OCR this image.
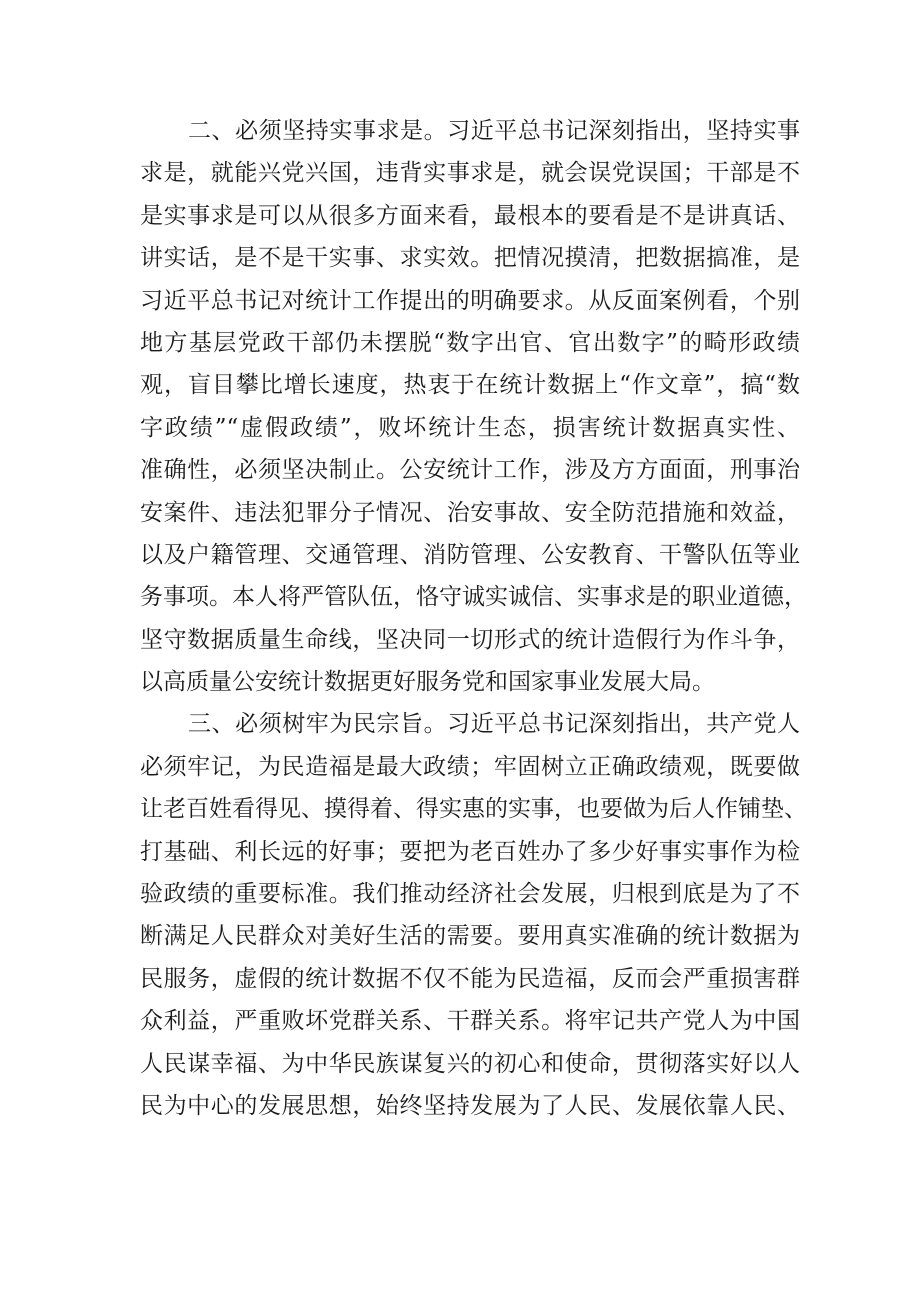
二、必须坚持实事求是。习近平总书记深刻指出，坚持实事
求是，就能兴党兴国，违背实事求是，就会误党误国；干部是不
是实事求是可以从很多方面来看，最根本的要看是不是讲真话、
讲实话，是不是干实事、求实效。把情况摸清，把数据搞准，是
习近平总书记对统计工作提出的明确要求。从反面案例看，个别
地方基层党政干部仍未摆脱“数字出官、官出数字”的畸形政绩
观，盲目攀比增长速度，热衷于在统计数据上“作文章”，搞“数
字政绩”“虚假政绩”，败坏统计生态，损害统计数据真实性、
准确性，必须坚决制止。公安统计工作，涉及方方面面，刑事治
安案件、违法犯罪分子情况、治安事故、安全防范措施和效益，
以及户籍管理、交通管理、消防管理、公安教育、干警队伍等业
务事项。本人将严管队伍，恪守诚实诚信、实事求是的职业道德，
坚守数据质量生命线，坚决同一切形式的统计造假行为作斗争，
以高质量公安统计数据更好服务党和国家事业发展大局。
三、必须树牢为民宗旨。习近平总书记深刻指出，共产党人
必须牢记，为民造福是最大政绩；牢固树立正确政绩观，既要做
让老百姓看得见、摸得着、得实惠的实事，也要做为后人作铺垫、
打基础、利长远的好事；要把为老百姓办了多少好事实事作为检
验政绩的重要标准。我们推动经济社会发展，归根到底是为了不
断满足人民群众对美好生活的需要。要用真实准确的统计数据为
民服务，虚假的统计数据不仅不能为民造福，反而会严重损害群
众利益，严重败坏党群关系、干群关系。将牢记共产党人为中国
人民谋幸福、为中华民族谋复兴的初心和使命，贯彻落实好以人
民为中心的发展思想，始终坚持发展为了人民、发展依靠人民、
